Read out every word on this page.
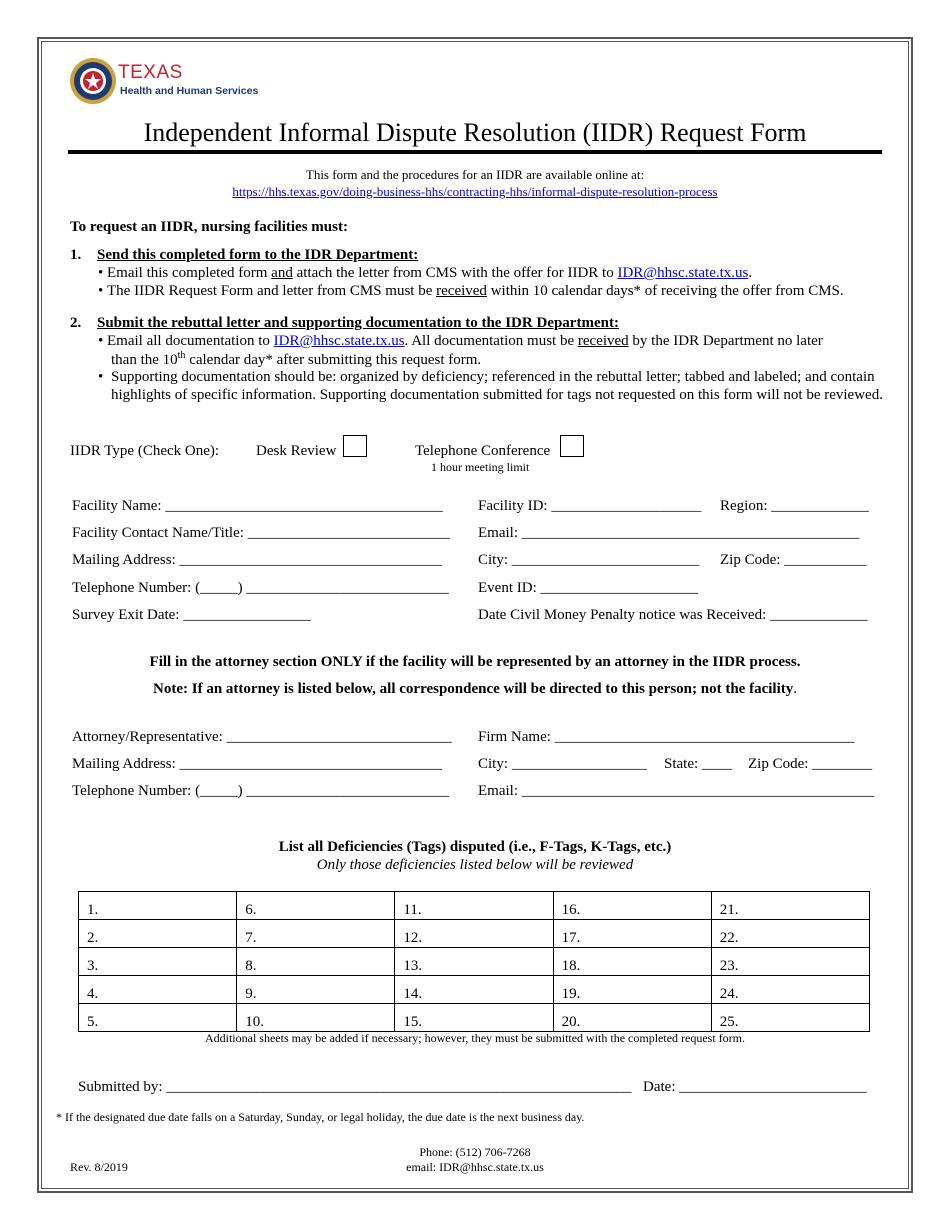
TEXAS
Health and Human Services
Independent Informal Dispute Resolution (IIDR) Request Form
This form and the procedures for an IIDR are available online at:
https://hhs.texas.gov/doing-business-hhs/contracting-hhs/informal-dispute-resolution-process
To request an IIDR, nursing facilities must:
1. Send this completed form to the IDR Department:
• Email this completed form and attach the letter from CMS with the offer for IIDR to IDR@hhsc.state.tx.us.
• The IIDR Request Form and letter from CMS must be received within 10 calendar days* of receiving the offer from CMS.
2. Submit the rebuttal letter and supporting documentation to the IDR Department:
• Email all documentation to IDR@hhsc.state.tx.us. All documentation must be received by the IDR Department no later
than the 10th calendar day* after submitting this request form.
• Supporting documentation should be: organized by deficiency; referenced in the rebuttal letter; tabbed and labeled; and contain highlights of specific information. Supporting documentation submitted for tags not requested on this form will not be reviewed.
IIDR Type (Check One): Desk Review	Telephone Conference
1 hour meeting limit
Facility Name: _____________________________________ Facility ID: ____________________ Region: _____________
Facility Contact Name/Title: ___________________________ Email: _____________________________________________
Mailing Address: ___________________________________ City: _________________________ Zip Code: ___________
Telephone Number: (_____) ___________________________ Event ID: _____________________
Survey Exit Date: _________________	Date Civil Money Penalty notice was Received: _____________
Fill in the attorney section ONLY if the facility will be represented by an attorney in the IIDR process.
Note: If an attorney is listed below, all correspondence will be directed to this person; not the facility.
Attorney/Representative: ______________________________ Firm Name: ________________________________________
Mailing Address: ___________________________________ City: __________________ State: ____ Zip Code: ________
Telephone Number: (_____) ___________________________ Email: _______________________________________________
List all Deficiencies (Tags) disputed (i.e., F-Tags, K-Tags, etc.)
Only those deficiencies listed below will be reviewed
1.	6.	11.	16.	21.
2.	7.	12.	17.	22.
3.	8.	13.	18.	23.
4.	9.	14.	19.	24.
5.	10.	15.	20.	25.
Additional sheets may be added if necessary; however, they must be submitted with the completed request form.
Submitted by: ______________________________________________________________ Date: _________________________
* If the designated due date falls on a Saturday, Sunday, or legal holiday, the due date is the next business day.
Phone: (512) 706-7268
email: IDR@hhsc.state.tx.us
Rev. 8/2019
